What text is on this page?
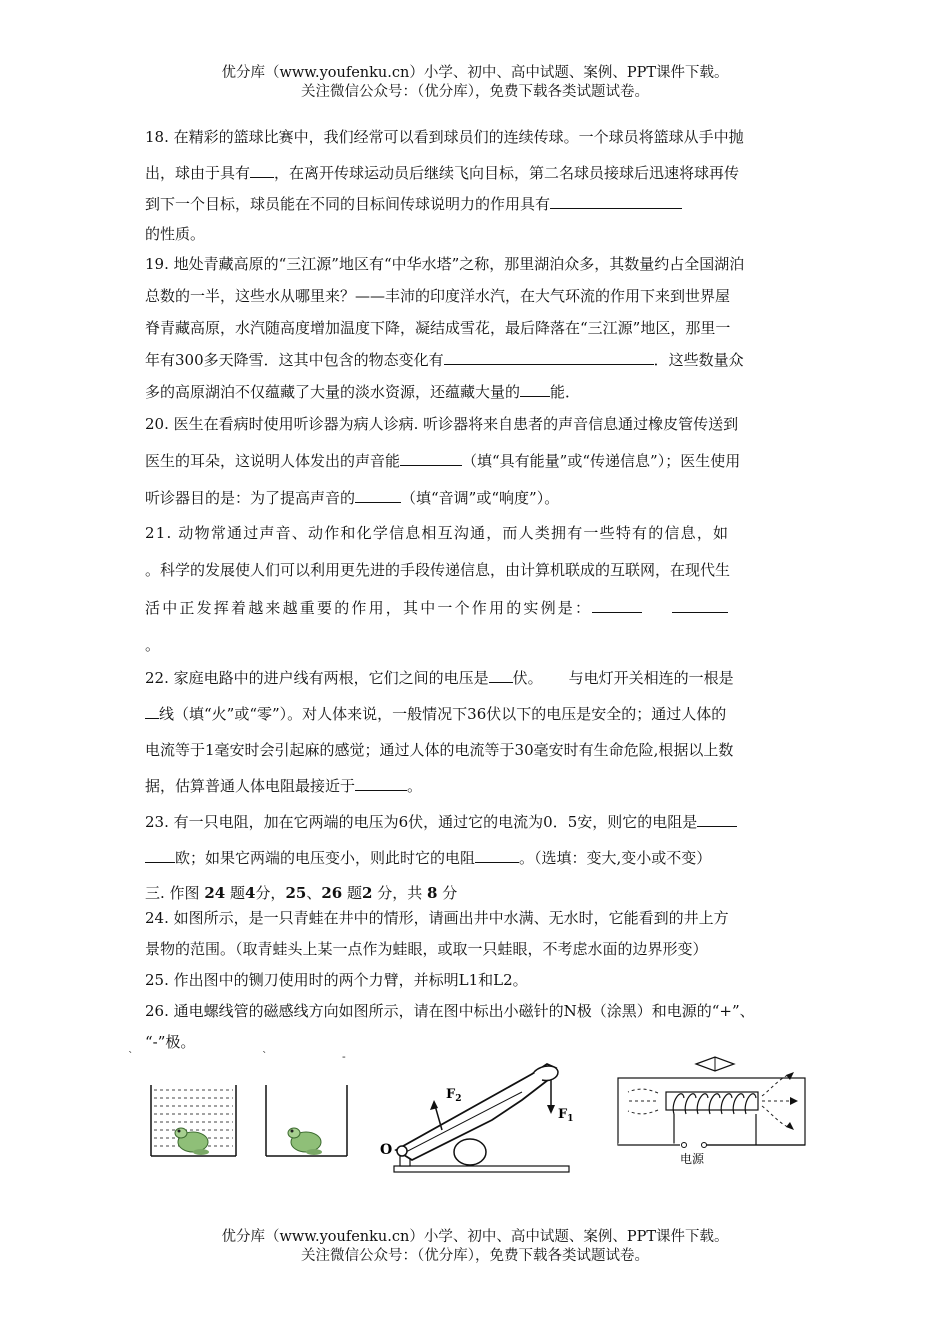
优分库（www.youfenku.cn）小学、初中、高中试题、案例、PPT课件下载。
关注微信公众号：（优分库），免费下载各类试题试卷。
18. 在精彩的篮球比赛中，我们经常可以看到球员们的连续传球。一个球员将篮球从手中抛
出，球由于具有 ，在离开传球运动员后继续飞向目标，第二名球员接球后迅速将球再传
到下一个目标，球员能在不同的目标间传球说明力的作用具有
的性质。
19. 地处青藏高原的“三江源”地区有“中华水塔”之称，那里湖泊众多，其数量约占全国湖泊
总数的一半，这些水从哪里来？——丰沛的印度洋水汽，在大气环流的作用下来到世界屋
脊青藏高原，水汽随高度增加温度下降，凝结成雪花，最后降落在“三江源”地区，那里一
年有300多天降雪．这其中包含的物态变化有	．这些数量众
多的高原湖泊不仅蕴藏了大量的淡水资源，还蕴藏大量的 能．
20. 医生在看病时使用听诊器为病人诊病. 听诊器将来自患者的声音信息通过橡皮管传送到
医生的耳朵，这说明人体发出的声音能	（填“具有能量”或“传递信息”）；医生使用
听诊器目的是：为了提高声音的	（填“音调”或“响度”）。
21. 动物常通过声音、动作和化学信息相互沟通，而人类拥有一些特有的信息，如
。科学的发展使人们可以利用更先进的手段传递信息，由计算机联成的互联网，在现代生
活中正发挥着越来越重要的作用，其中一个作用的实例是：
。
22. 家庭电路中的进户线有两根，它们之间的电压是 伏。 与电灯开关相连的一根是
线（填“火”或“零”）。对人体来说，一般情况下36伏以下的电压是安全的；通过人体的
电流等于1毫安时会引起麻的感觉；通过人体的电流等于30毫安时有生命危险,根据以上数
据，估算普通人体电阻最接近于	。
23. 有一只电阻，加在它两端的电压为6伏，通过它的电流为0．5安，则它的电阻是
欧；如果它两端的电压变小，则此时它的电阻	。（选填：变大,变小或不变）
三. 作图 24 题4分，25、26 题2 分，共 8 分
24. 如图所示，是一只青蛙在井中的情形，请画出井中水满、无水时，它能看到的井上方
景物的范围。（取青蛙头上某一点作为蛙眼，或取一只蛙眼，不考虑水面的边界形变）
25. 作出图中的铡刀使用时的两个力臂，并标明L1和L2。
26. 通电螺线管的磁感线方向如图所示，请在图中标出小磁针的N极（涂黑）和电源的“+”、
“-”极。
`	`	-
O
$F_2$
$F_1$
电源
优分库（www.youfenku.cn）小学、初中、高中试题、案例、PPT课件下载。
关注微信公众号：（优分库），免费下载各类试题试卷。
